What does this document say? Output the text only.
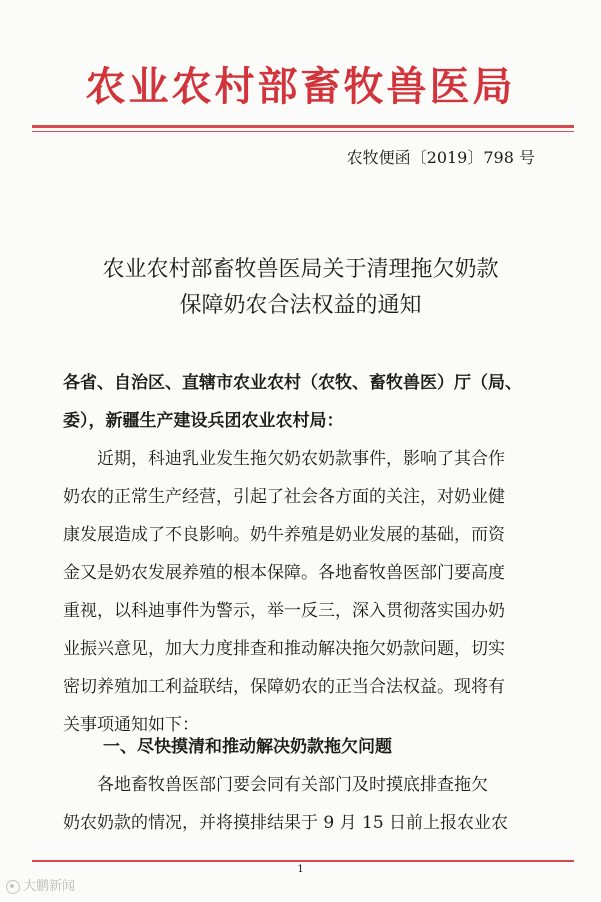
农业农村部畜牧兽医局
农牧便函〔2019〕798 号
农业农村部畜牧兽医局关于清理拖欠奶款
保障奶农合法权益的通知
各省、自治区、直辖市农业农村（农牧、畜牧兽医）厅（局、
委），新疆生产建设兵团农业农村局：
　　近期，科迪乳业发生拖欠奶农奶款事件，影响了其合作
奶农的正常生产经营，引起了社会各方面的关注，对奶业健
康发展造成了不良影响。奶牛养殖是奶业发展的基础，而资
金又是奶农发展养殖的根本保障。各地畜牧兽医部门要高度
重视，以科迪事件为警示，举一反三，深入贯彻落实国办奶
业振兴意见，加大力度排查和推动解决拖欠奶款问题，切实
密切养殖加工利益联结，保障奶农的正当合法权益。现将有
关事项通知如下：
一、尽快摸清和推动解决奶款拖欠问题
　　各地畜牧兽医部门要会同有关部门及时摸底排查拖欠
奶农奶款的情况，并将摸排结果于 9 月 15 日前上报农业农
1
大鹏新闻
